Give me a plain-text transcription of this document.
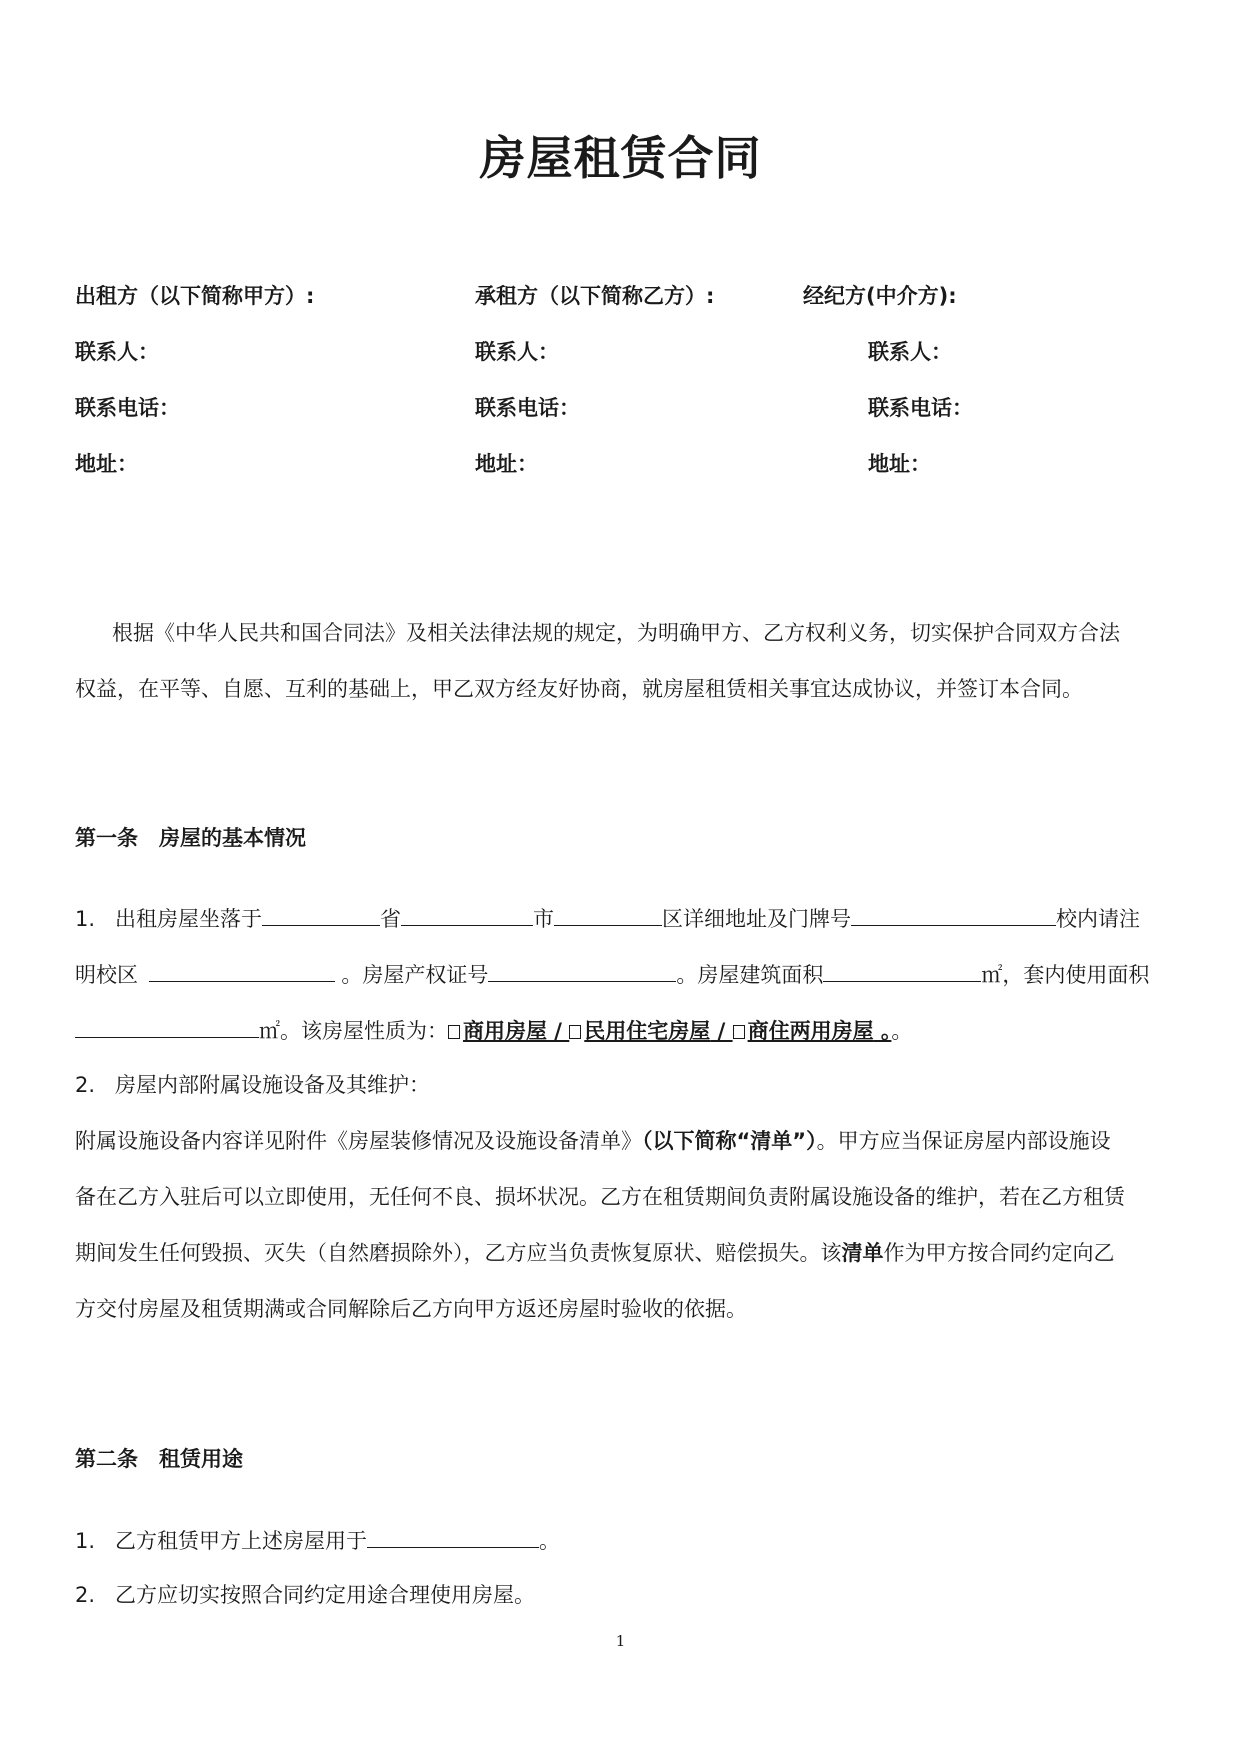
房屋租赁合同
出租方（以下简称甲方）:	承租方（以下简称乙方）:	经纪方(中介方):
联系人：	联系人：	联系人：
联系电话：	联系电话：	联系电话：
地址：	地址：	地址：
根据《中华人民共和国合同法》及相关法律法规的规定，为明确甲方、乙方权利义务，切实保护合同双方合法
权益，在平等、自愿、互利的基础上，甲乙双方经友好协商，就房屋租赁相关事宜达成协议，并签订本合同。
第一条　房屋的基本情况
1. 出租房屋坐落于	省	市	区详细地址及门牌号	校内请注
明校区	。房屋产权证号	。房屋建筑面积	㎡，套内使用面积
㎡。该房屋性质为： 商用房屋 / 民用住宅房屋 / 商住两用房屋 。。
2. 房屋内部附属设施设备及其维护：
附属设施设备内容详见附件《房屋装修情况及设施设备清单》（以下简称“清单”）。甲方应当保证房屋内部设施设
备在乙方入驻后可以立即使用，无任何不良、损坏状况。乙方在租赁期间负责附属设施设备的维护，若在乙方租赁
期间发生任何毁损、灭失（自然磨损除外），乙方应当负责恢复原状、赔偿损失。该清单作为甲方按合同约定向乙
方交付房屋及租赁期满或合同解除后乙方向甲方返还房屋时验收的依据。
第二条　租赁用途
1. 乙方租赁甲方上述房屋用于	。
2. 乙方应切实按照合同约定用途合理使用房屋。
1
